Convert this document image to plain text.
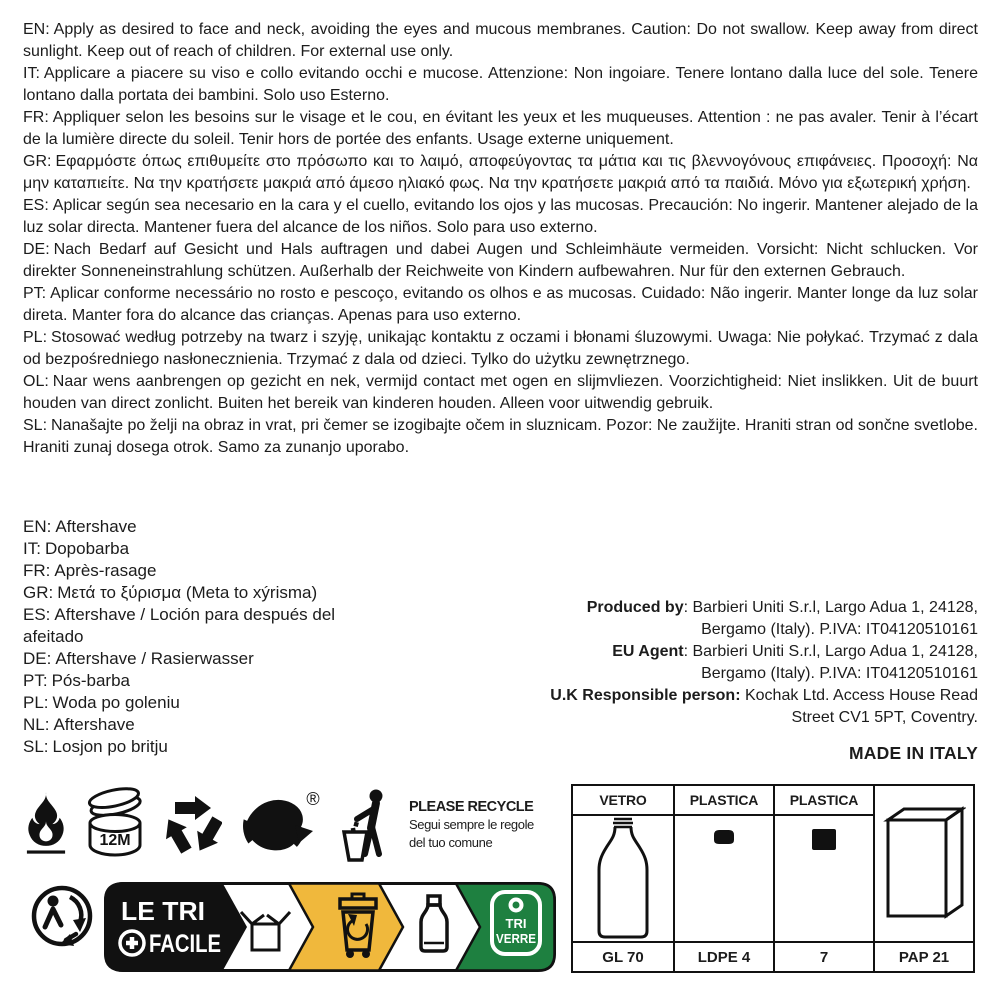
EN: Apply as desired to face and neck, avoiding the eyes and mucous membranes. Caution: Do not swallow. Keep away from direct sunlight. Keep out of reach of children. For external use only.

IT: Applicare a piacere su viso e collo evitando occhi e mucose. Attenzione: Non ingoiare. Tenere lontano dalla luce del sole. Tenere lontano dalla portata dei bambini. Solo uso Esterno.

FR: Appliquer selon les besoins sur le visage et le cou, en évitant les yeux et les muqueuses. Attention : ne pas avaler. Tenir à l’écart de la lumière directe du soleil. Tenir hors de portée des enfants. Usage externe uniquement.

GR: Εφαρμόστε όπως επιθυμείτε στο πρόσωπο και το λαιμό, αποφεύγοντας τα μάτια και τις βλεννογόνους επιφάνειες. Προσοχή: Να μην καταπιείτε. Να την κρατήσετε μακριά από άμεσο ηλιακό φως. Να την κρατήσετε μακριά από τα παιδιά. Μόνο για εξωτερική χρήση.

ES: Aplicar según sea necesario en la cara y el cuello, evitando los ojos y las mucosas. Precaución: No ingerir. Mantener alejado de la luz solar directa. Mantener fuera del alcance de los niños. Solo para uso externo.

DE: Nach Bedarf auf Gesicht und Hals auftragen und dabei Augen und Schleimhäute vermeiden. Vorsicht: Nicht schlucken. Vor direkter Sonneneinstrahlung schützen. Außerhalb der Reichweite von Kindern aufbewahren. Nur für den externen Gebrauch.

PT: Aplicar conforme necessário no rosto e pescoço, evitando os olhos e as mucosas. Cuidado: Não ingerir. Manter longe da luz solar direta. Manter fora do alcance das crianças. Apenas para uso externo.

PL: Stosować według potrzeby na twarz i szyję, unikając kontaktu z oczami i błonami śluzowymi. Uwaga: Nie połykać. Trzymać z dala od bezpośredniego nasłonecznienia. Trzymać z dala od dzieci. Tylko do użytku zewnętrznego.

OL: Naar wens aanbrengen op gezicht en nek, vermijd contact met ogen en slijmvliezen. Voorzichtigheid: Niet inslikken. Uit de buurt houden van direct zonlicht. Buiten het bereik van kinderen houden. Alleen voor uitwendig gebruik.

SL: Nanašajte po želji na obraz in vrat, pri čemer se izogibajte očem in sluznicam. Pozor: Ne zaužijte. Hraniti stran od sončne svetlobe. Hraniti zunaj dosega otrok. Samo za zunanjo uporabo.

EN: Aftershave

IT: Dopobarba

FR: Après-rasage

GR: Μετά το ξύρισμα (Meta to xýrisma)

ES: Aftershave / Loción para después del afeitado

DE: Aftershave / Rasierwasser

PT: Pós-barba

PL: Woda po goleniu

NL: Aftershave

SL: Losjon po britju

Produced by: Barbieri Uniti S.r.l, Largo Adua 1, 24128, Bergamo (Italy). P.IVA: IT04120510161

EU Agent: Barbieri Uniti S.r.l, Largo Adua 1, 24128, Bergamo (Italy). P.IVA: IT04120510161

U.K Responsible person: Kochak Ltd. Access House Read Street CV1 5PT, Coventry.

MADE IN ITALY
12M
®	PLEASE RECYCLE
Segui sempre le regole
del tuo comune
LE TRI
FACILE
TRI
VERRE
VETRO
GL 70
PLASTICA
LDPE 4
PLASTICA
7	PAP 21
